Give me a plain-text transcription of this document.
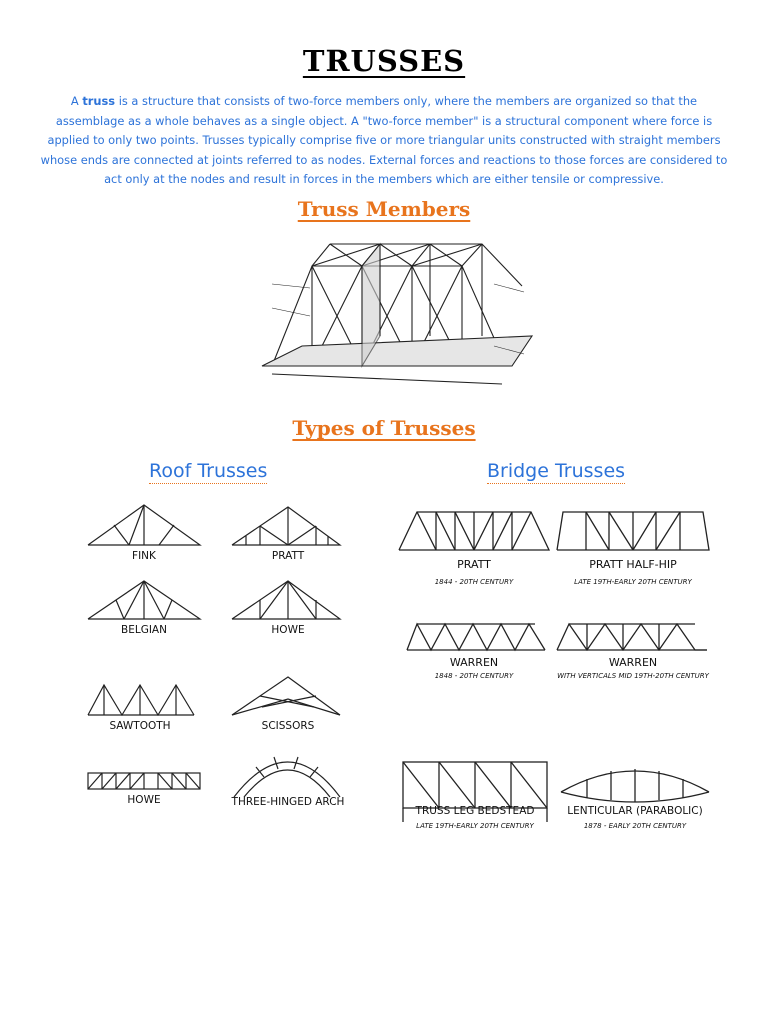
TRUSSES
A truss is a structure that consists of two-force members only, where the members are organized so that the assemblage as a whole behaves as a single object. A "two-force member" is a structural component where force is applied to only two points. Trusses typically comprise five or more triangular units constructed with straight members whose ends are connected at joints referred to as nodes. External forces and reactions to those forces are considered to act only at the nodes and result in forces in the members which are either tensile or compressive.
Truss Members
Types of Trusses
Roof Trusses	Bridge Trusses
FINK	PRATT
BELGIAN	HOWE
SAWTOOTH	SCISSORS
HOWE	THREE-HINGED ARCH
PRATT
1844 - 20TH CENTURY
PRATT HALF-HIP
LATE 19TH-EARLY 20TH CENTURY
WARREN
1848 - 20TH CENTURY
WARREN
WITH VERTICALS MID 19TH-20TH CENTURY
TRUSS LEG BEDSTEAD
LATE 19TH-EARLY 20TH CENTURY
LENTICULAR (PARABOLIC)
1878 - EARLY 20TH CENTURY
